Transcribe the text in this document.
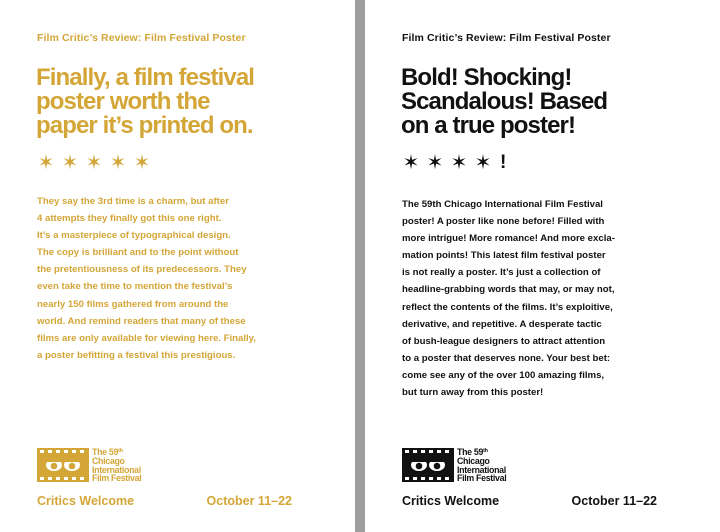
Film Critic’s Review: Film Festival Poster
Finally, a film festival
poster worth the
paper it’s printed on.
✶ ✶ ✶ ✶ ✶
They say the 3rd time is a charm, but after
4 attempts they finally got this one right.
It’s a masterpiece of typographical design.
The copy is brilliant and to the point without
the pretentiousness of its predecessors. They
even take the time to mention the festival’s
nearly 150 films gathered from around the
world. And remind readers that many of these
films are only available for viewing here. Finally,
a poster befitting a festival this prestigious.
The 59th
Chicago
International
Film Festival
Critics Welcome	October 11–22
Film Critic’s Review: Film Festival Poster
Bold! Shocking!
Scandalous! Based
on a true poster!
✶ ✶ ✶ ✶ !
The 59th Chicago International Film Festival
poster! A poster like none before! Filled with
more intrigue! More romance! And more excla-
mation points! This latest film festival poster
is not really a poster. It’s just a collection of
headline-grabbing words that may, or may not,
reflect the contents of the films. It’s exploitive,
derivative, and repetitive. A desperate tactic
of bush-league designers to attract attention
to a poster that deserves none. Your best bet:
come see any of the over 100 amazing films,
but turn away from this poster!
The 59th
Chicago
International
Film Festival
Critics Welcome	October 11–22
